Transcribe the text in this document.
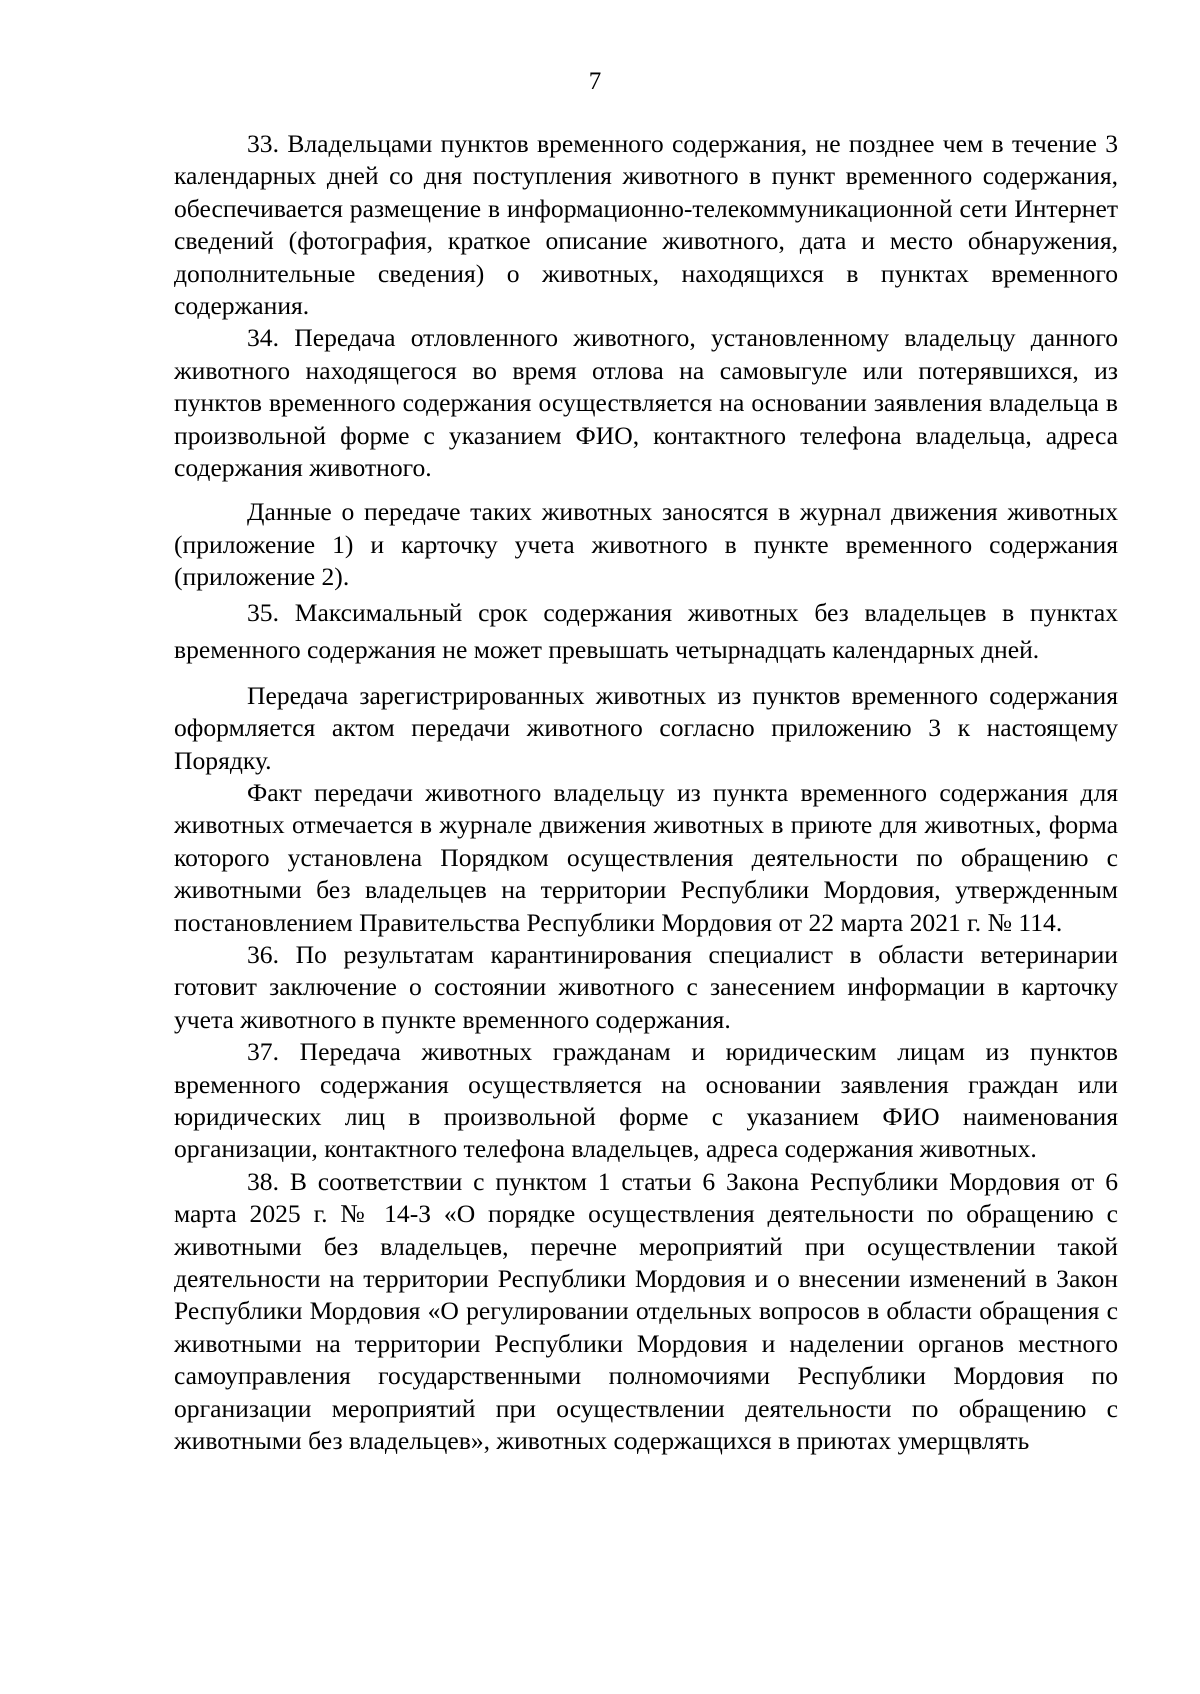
7

33. Владельцами пунктов временного содержания, не позднее чем в течение 3 календарных дней со дня поступления животного в пункт временного содержания, обеспечивается размещение в информационно-телекоммуникационной сети Интернет сведений (фотография, краткое описание животного, дата и место обнаружения, дополнительные сведения) о животных, находящихся в пунктах временного содержания.

34. Передача отловленного животного, установленному владельцу данного животного находящегося во время отлова на самовыгуле или потерявшихся, из пунктов временного содержания осуществляется на основании заявления владельца в произвольной форме с указанием ФИО, контактного телефона владельца, адреса содержания животного.

Данные о передаче таких животных заносятся в журнал движения животных (приложение 1) и карточку учета животного в пункте временного содержания (приложение 2).

35. Максимальный срок содержания животных без владельцев в пунктах временного содержания не может превышать четырнадцать календарных дней.

Передача зарегистрированных животных из пунктов временного содержания оформляется актом передачи животного согласно приложению 3 к настоящему Порядку.

Факт передачи животного владельцу из пункта временного содержания для животных отмечается в журнале движения животных в приюте для животных, форма которого установлена Порядком осуществления деятельности по обращению с животными без владельцев на территории Республики Мордовия, утвержденным постановлением Правительства Республики Мордовия от 22 марта 2021 г. № 114.

36. По результатам карантинирования специалист в области ветеринарии готовит заключение о состоянии животного с занесением информации в карточку учета животного в пункте временного содержания.

37. Передача животных гражданам и юридическим лицам из пунктов временного содержания осуществляется на основании заявления граждан или юридических лиц в произвольной форме с указанием ФИО наименования организации, контактного телефона владельцев, адреса содержания животных.

38. В соответствии с пунктом 1 статьи 6 Закона Республики Мордовия от 6 марта 2025 г. № 14-З «О порядке осуществления деятельности по обращению с животными без владельцев, перечне мероприятий при осуществлении такой деятельности на территории Республики Мордовия и о внесении изменений в Закон Республики Мордовия «О регулировании отдельных вопросов в области обращения с животными на территории Республики Мордовия и наделении органов местного самоуправления государственными полномочиями Республики Мордовия по организации мероприятий при осуществлении деятельности по обращению с животными без владельцев», животных содержащихся в приютах умерщвлять
